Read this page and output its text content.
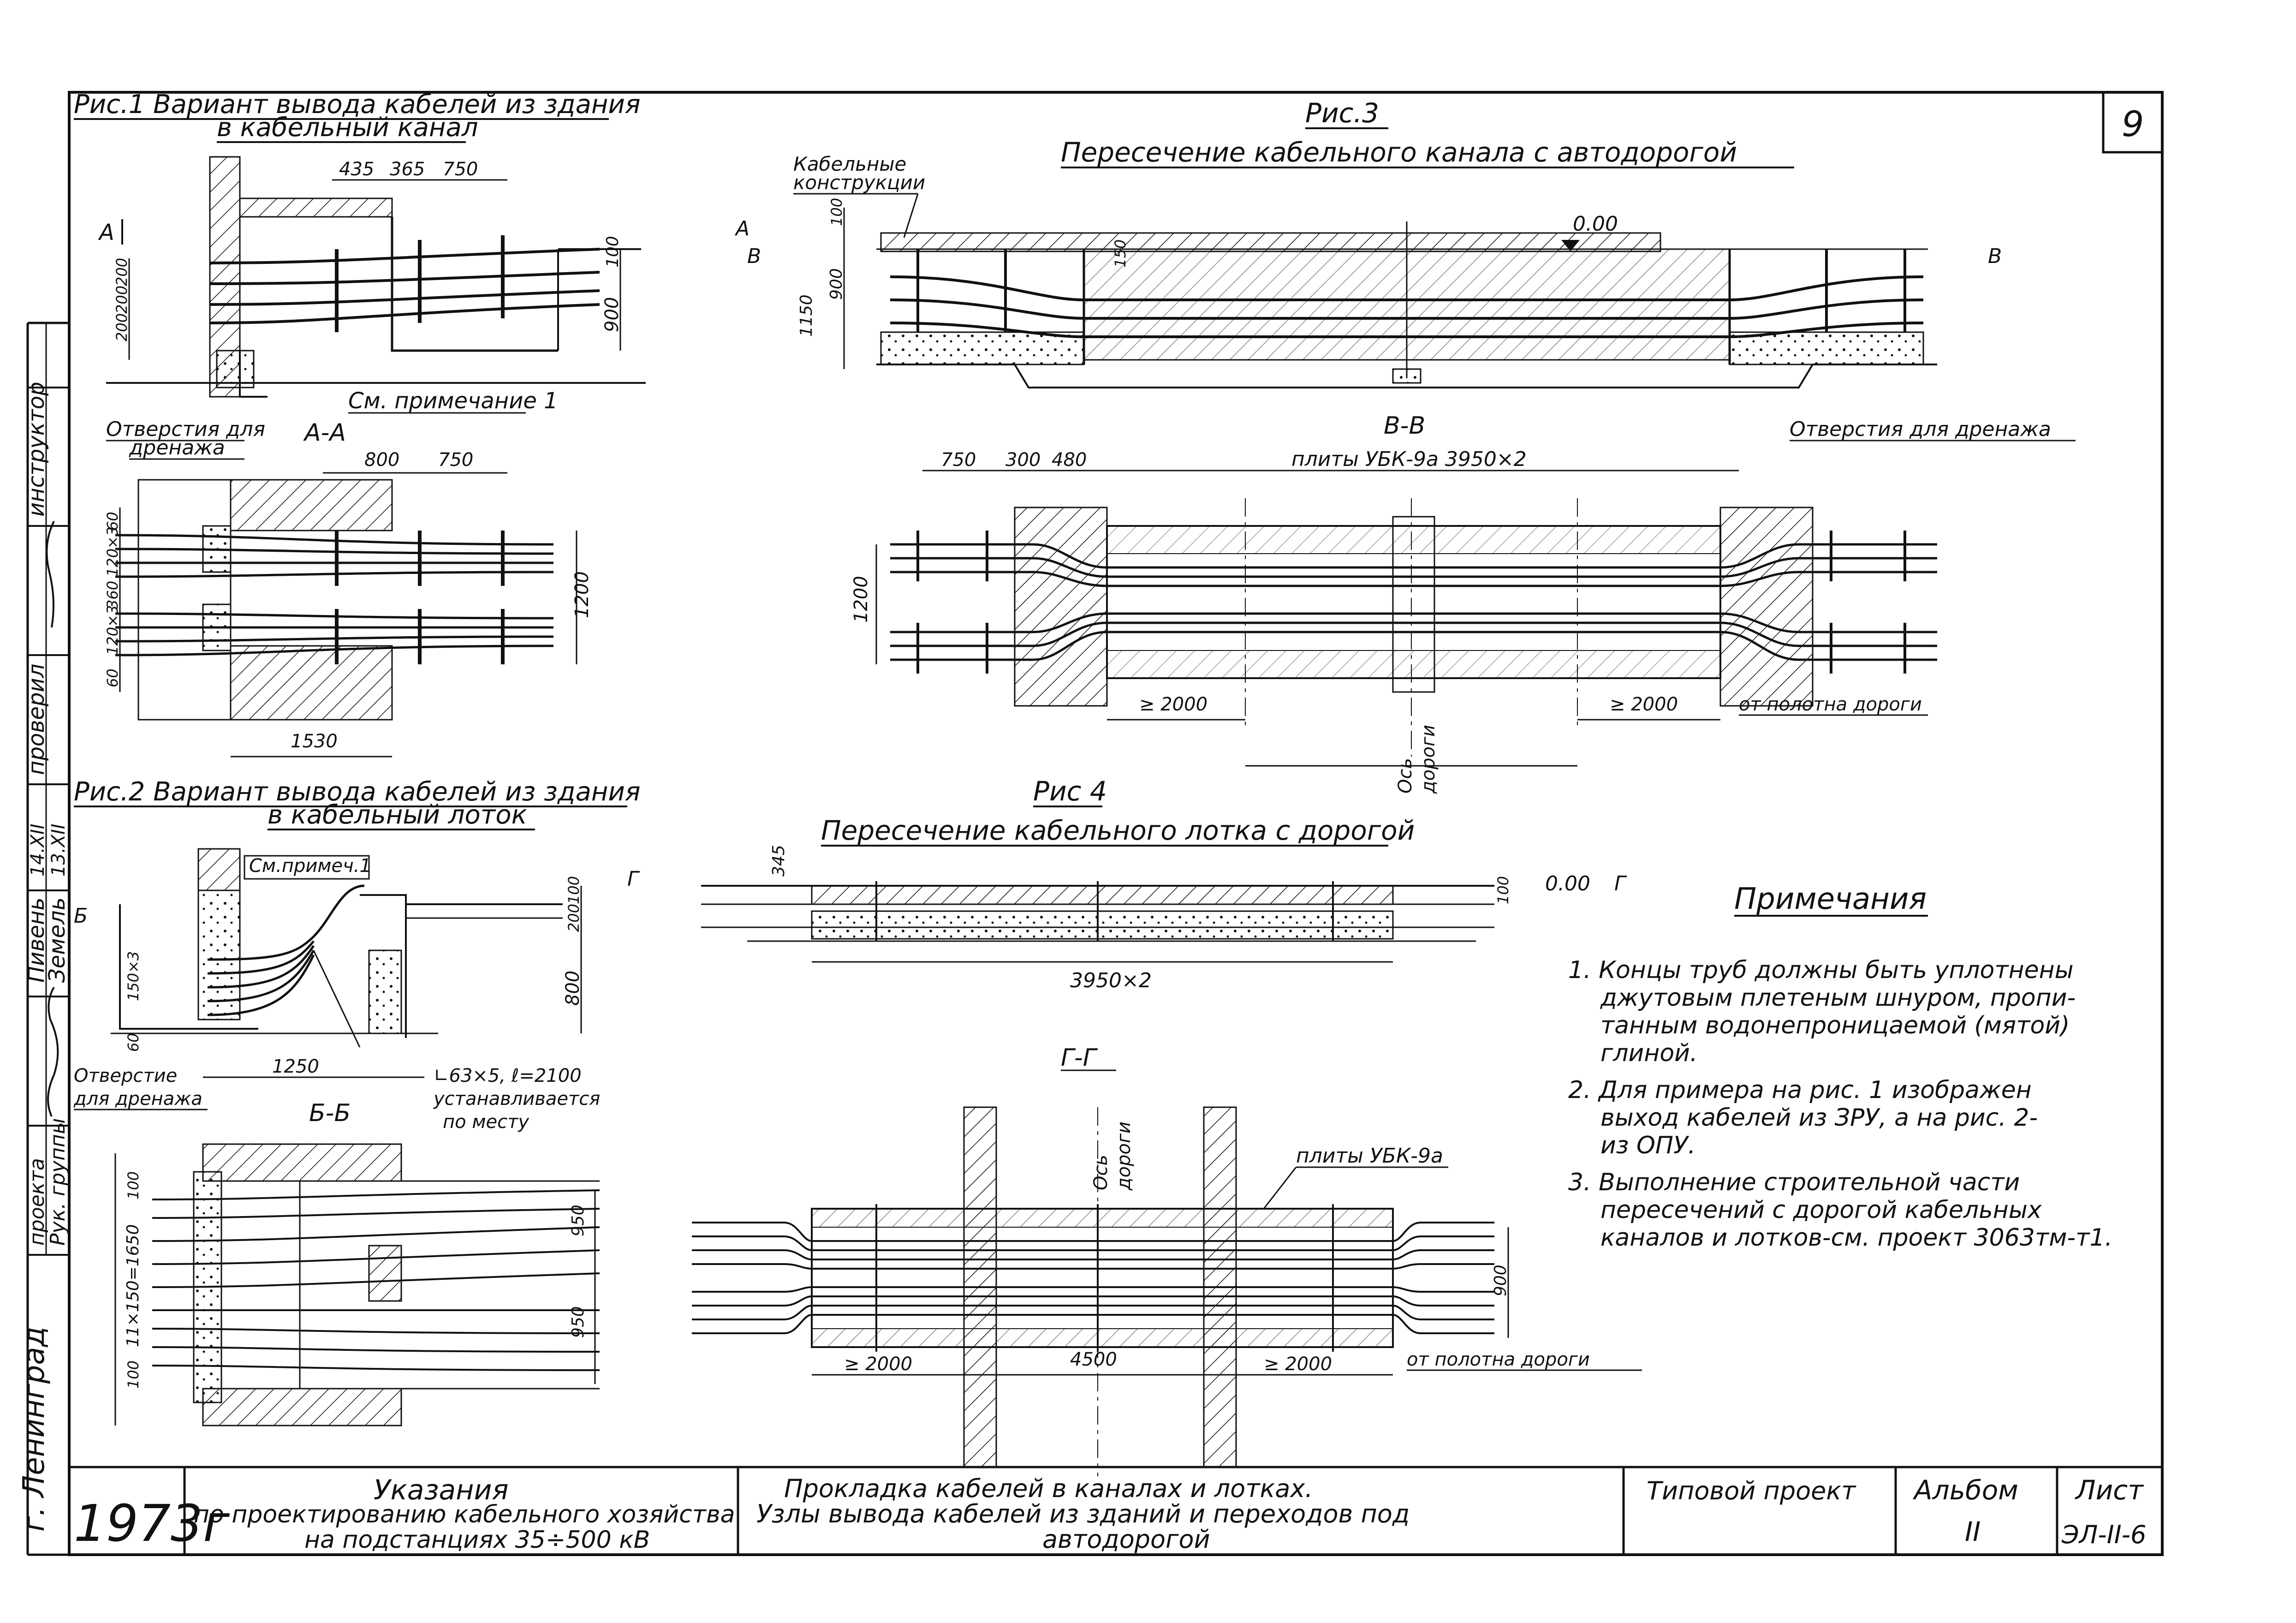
9
г. Ленинград
Рук. группы
проекта
Земель
Пивень
13.XII
14.XII
проверил
инструктор
Рис.1 Вариант вывода кабелей из здания
в кабельный канал
435 365 750
100
900
200
200
200
А
См. примечание 1
Отверстия для
дренажа
А-А
800 750
60
120×3
360
120×3
60
1200
1530
Рис.2 Вариант вывода кабелей из здания
в кабельный лоток
100
200
800
150×3
60
См.примеч.1
1250	∟63×5, ℓ=2100
устанавливается
по месту
Б
Г
Отверстие
для дренажа
Б-Б
100
11×150=1650
100
950
950
Рис.3
Пересечение кабельного канала с автодорогой
Кабельные
конструкции
0.00
100
900
1150
150
А
В	В
Отверстия для дренажа
В-В
плиты УБК-9а 3950×2
750 300 480
1200
≥ 2000	≥ 2000
Ось дороги
от полотна дороги
Рис 4
Пересечение кабельного лотка с дорогой
345
100 0.00 Г
3950×2
Г-Г
плиты УБК-9а
Ось дороги
900
≥ 2000	4500	≥ 2000	от полотна дороги
Примечания
1. Концы труб должны быть уплотнены
джутовым плетеным шнуром, пропи-
танным водонепроницаемой (мятой)
глиной.
2. Для примера на рис. 1 изображен
выход кабелей из ЗРУ, а на рис. 2-
из ОПУ.
3. Выполнение строительной части
пересечений с дорогой кабельных
каналов и лотков-см. проект 3063тм-т1.
1973г
Указания
по проектированию кабельного хозяйства
на подстанциях 35÷500 кВ
Прокладка кабелей в каналах и лотках.
Узлы вывода кабелей из зданий и переходов под
автодорогой
Типовой проект Альбом
II
Лист
ЭЛ-II-6
